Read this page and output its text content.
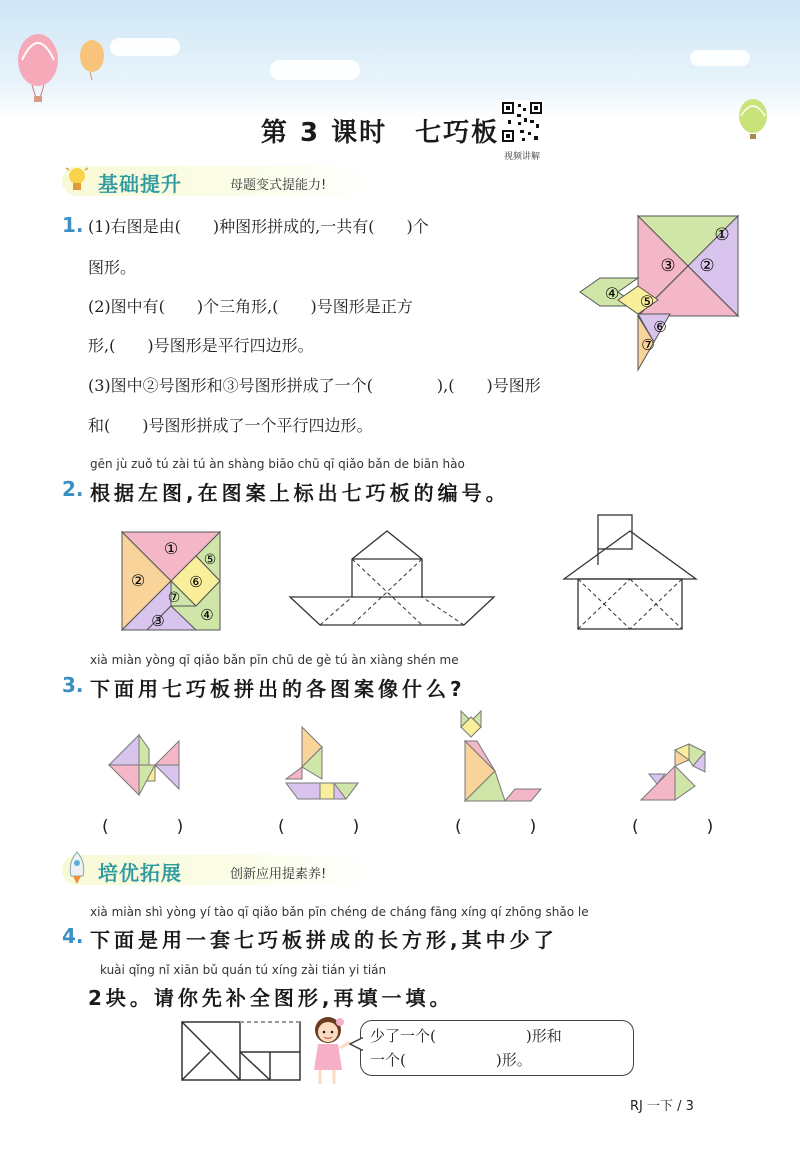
第 3 课时　七巧板
视频讲解
基础提升	母题变式提能力!
1. (1)右图是由(　　)种图形拼成的,一共有(　　)个
图形。
(2)图中有(　　)个三角形,(　　)号图形是正方
形,(　　)号图形是平行四边形。
(3)图中②号图形和③号图形拼成了一个(　　　　),(　　)号图形
和(　　)号图形拼成了一个平行四边形。
①
②
③
④ ⑤
⑥
⑦
gēn jù zuǒ tú zài tú àn shàng biāo chū qī qiǎo bǎn de biān hào
2. 根据左图,在图案上标出七巧板的编号。
①
②
③ ④
⑤
⑥
⑦
xià miàn yòng qī qiǎo bǎn pīn chū de gè tú àn xiàng shén me
3. 下面用七巧板拼出的各图案像什么?
(　　　　)	(　　　　)	(　　　　)	(　　　　)
培优拓展	创新应用提素养!
xià miàn shì yòng yí tào qī qiǎo bǎn pīn chéng de cháng fāng xíng qí zhōng shǎo le
4. 下面是用一套七巧板拼成的长方形,其中少了
kuài qǐng nǐ xiān bǔ quán tú xíng zài tián yi tián
2块。请你先补全图形,再填一填。
少了一个(　　　　　　)形和
一个(　　　　　　)形。
RJ 一下 / 3
